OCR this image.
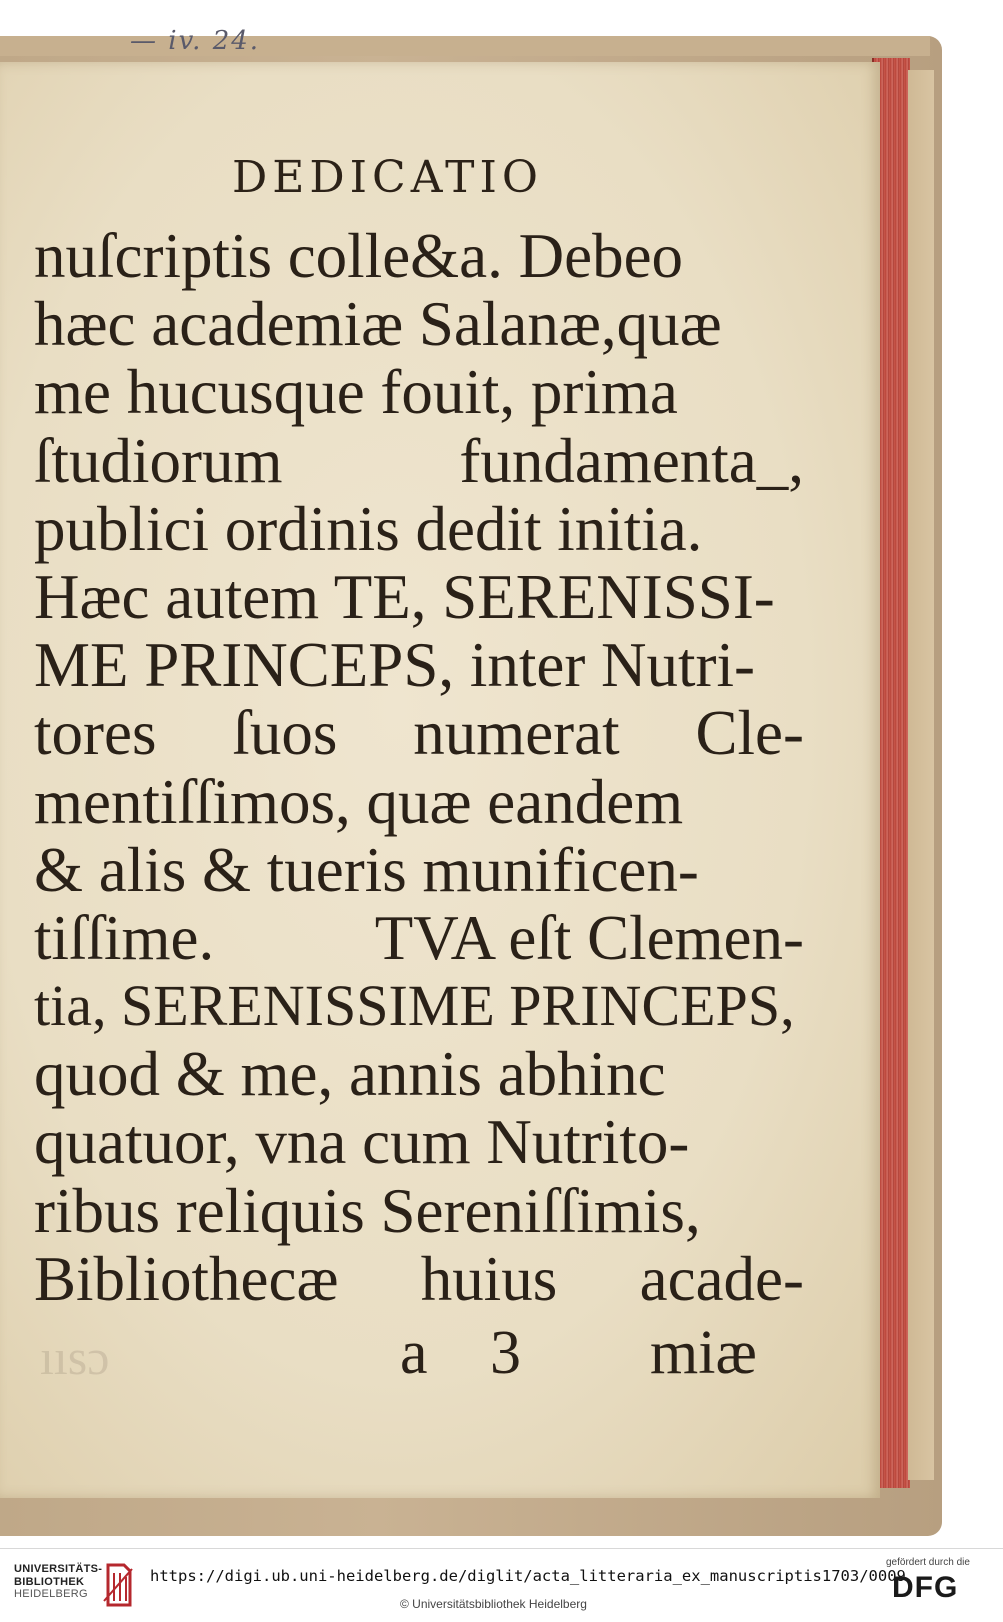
— iv. 24.
DEDICATIO
nuſcriptis colle&a. Debeo
hæc academiæ Salanæ,quæ
me hucusque fouit, prima
ſtudiorum	fundamenta_,
publici ordinis dedit initia.
Hæc autem TE, SERENISSI-
ME PRINCEPS, inter Nutri-
tores ſuos numerat Cle-
mentiſſimos, quæ eandem
& alis & tueris munificen-
tiſſime.	TVA eſt Clemen-
tia, SERENISSIME PRINCEPS,
quod & me, annis abhinc
quatuor, vna cum Nutrito-
ribus reliquis Sereniſſimis,
Bibliothecæ huius acade-
ıısɔ	a 3 miæ
UNIVERSITÄTS-
BIBLIOTHEK
HEIDELBERG
https://digi.ub.uni-heidelberg.de/diglit/acta_litteraria_ex_manuscriptis1703/0009
© Universitätsbibliothek Heidelberg
gefördert durch die
DFG
